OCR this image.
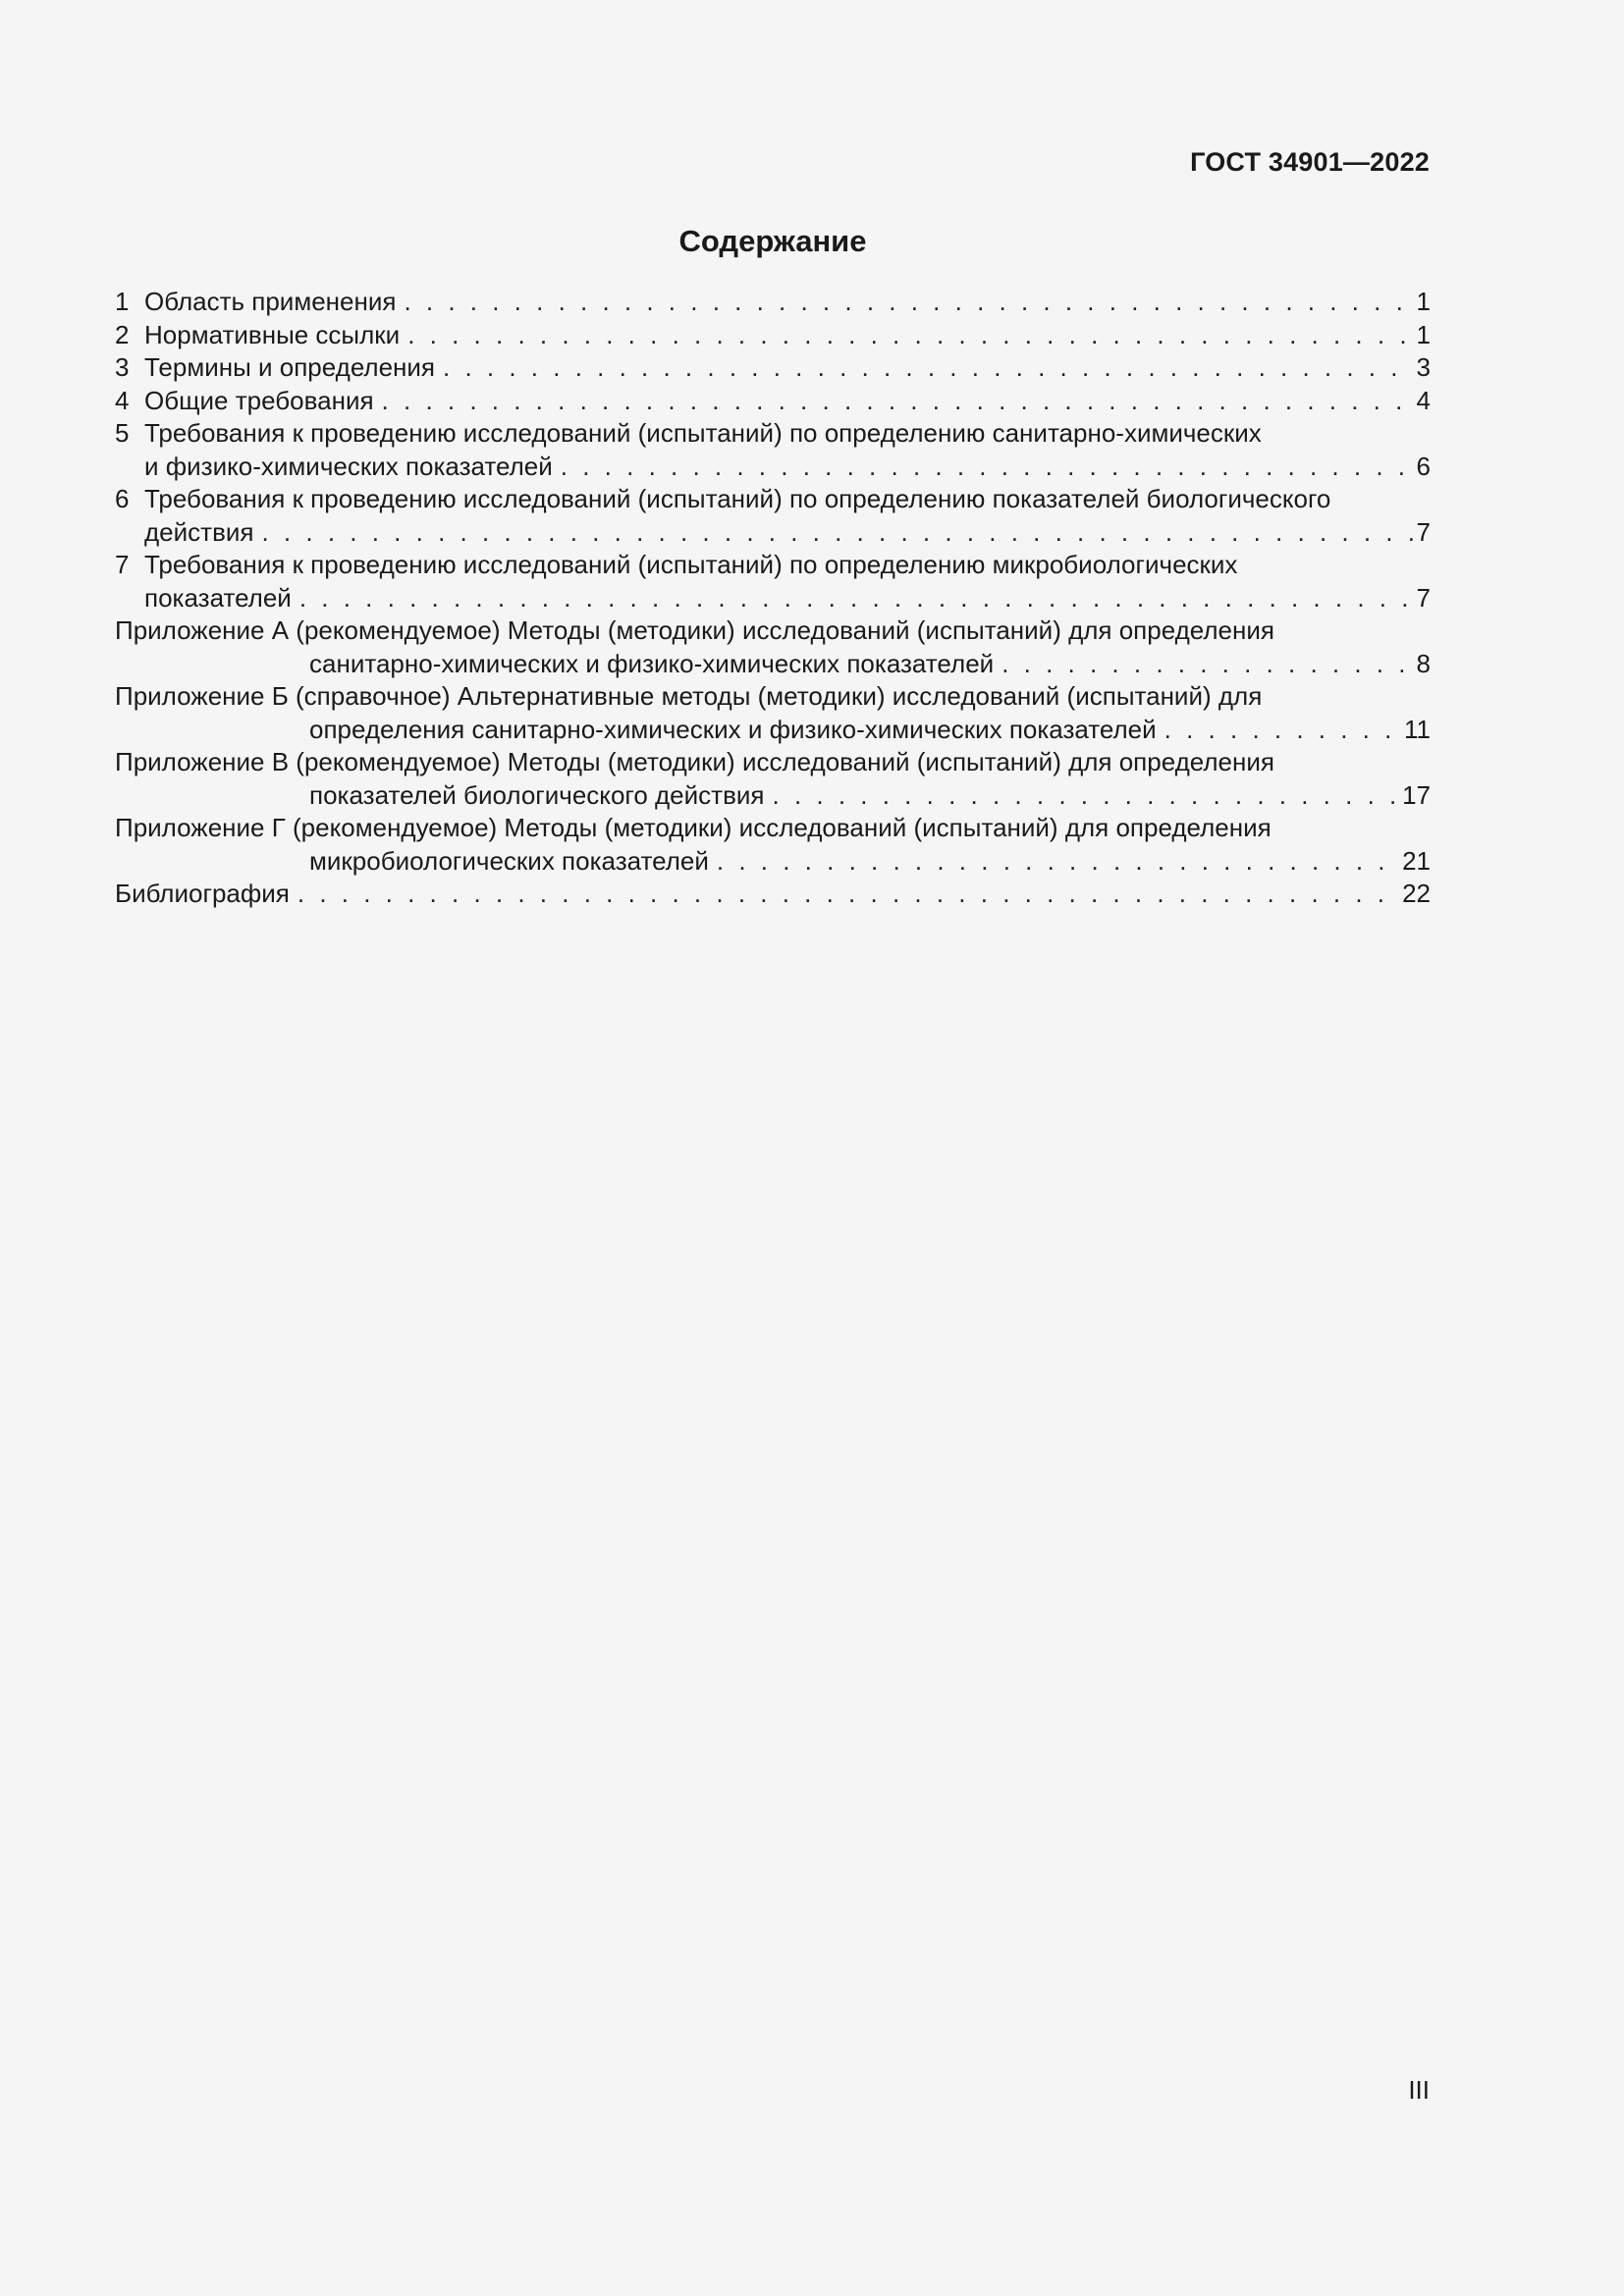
ГОСТ 34901—2022
Содержание
1 Область применения . . .	1
2 Нормативные ссылки . . .	1
3 Термины и определения . . .	3
4 Общие требования . . .	4
5 Требования к проведению исследований (испытаний) по определению санитарно-химических
и физико-химических показателей . . .	6
6 Требования к проведению исследований (испытаний) по определению показателей биологического
действия . . .	7
7 Требования к проведению исследований (испытаний) по определению микробиологических
показателей . . .	7
Приложение А (рекомендуемое) Методы (методики) исследований (испытаний) для определения
санитарно-химических и физико-химических показателей . . .	8
Приложение Б (справочное) Альтернативные методы (методики) исследований (испытаний) для
определения санитарно-химических и физико-химических показателей . . .	11
Приложение В (рекомендуемое) Методы (методики) исследований (испытаний) для определения
показателей биологического действия . . .	17
Приложение Г (рекомендуемое) Методы (методики) исследований (испытаний) для определения
микробиологических показателей . . .	21
Библиография . . .	22
III
